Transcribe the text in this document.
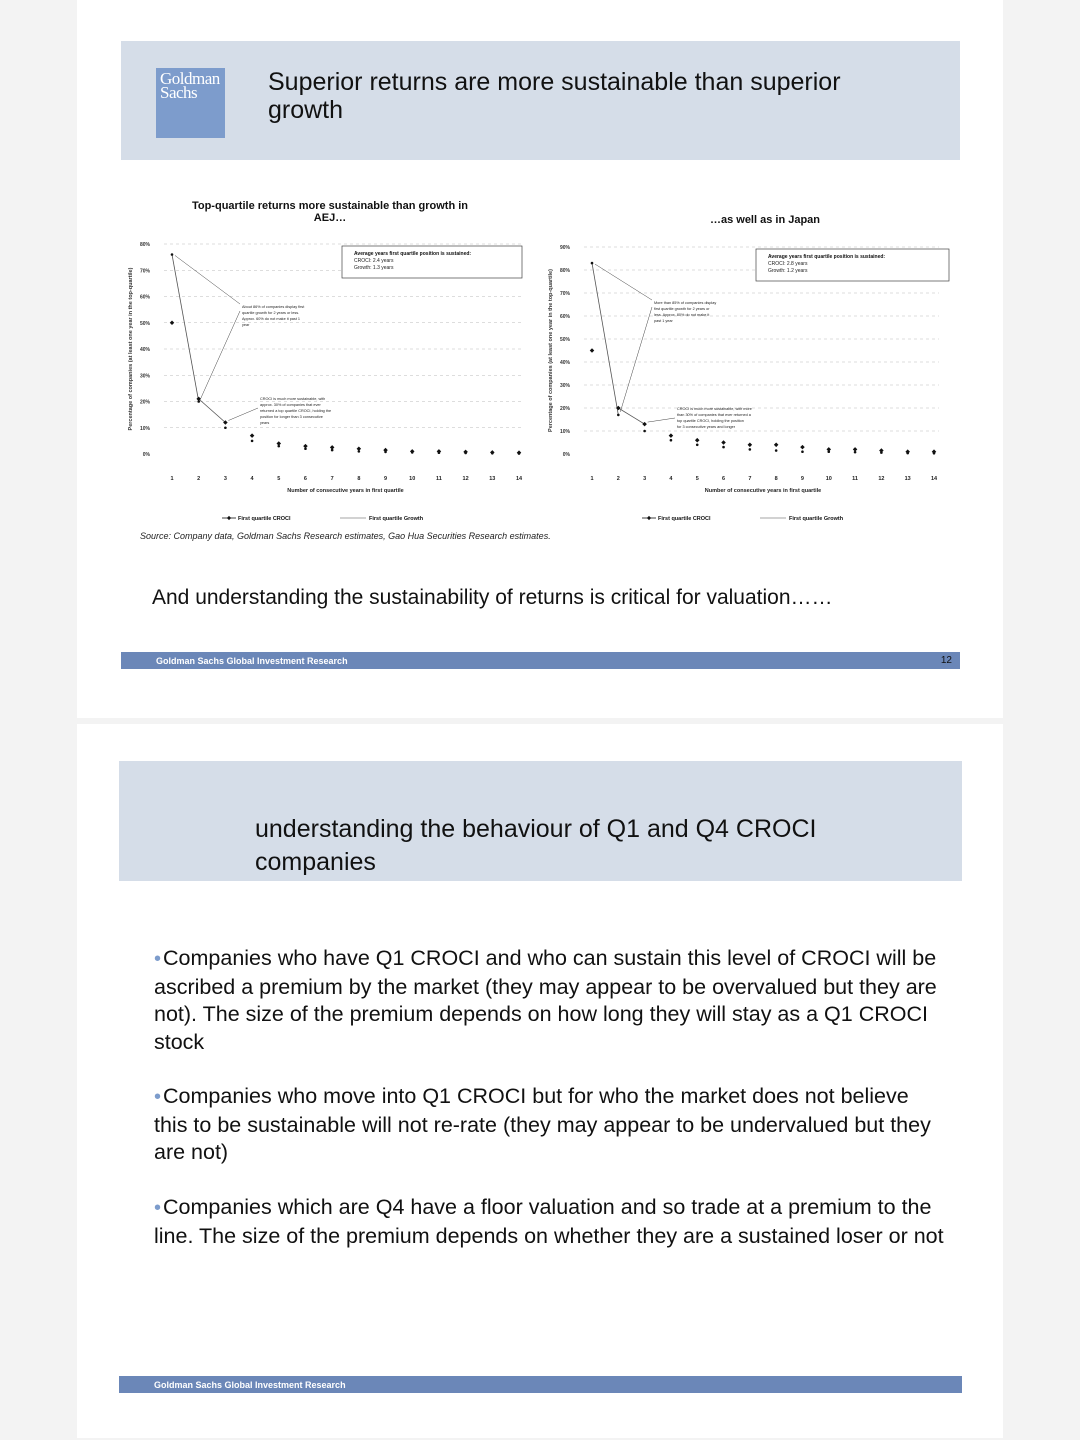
Goldman
Sachs	Superior returns are more sustainable than superior growth
Top-quartile returns more sustainable than growth in AEJ…	…as well as in Japan
0%
10%
20%
30%
40%
50%
60%
70%
80%
Percentage of companies (at least one year in the top-quartile)
1	2	3	4	5	6	7	8	9	10	11	12	13	14
Number of consecutive years in first quartile
Average years first quartile position is sustained:
CROCI: 2.4 years
Growth: 1.3 years
About 86% of companies display first quartile growth for 2 years or less. Approx. 60% do not make it past 1 year
CROCI is much more sustainable, with approx. 30% of companies that ever returned a top quartile CROCI, holding the position for longer than 3 consecutive years
First quartile CROCI	First quartile Growth
0%
10%
20%
30%
40%
50%
60%
70%
80%
90%
Percentage of companies (at least one year in the top-quartile)
1	2	3	4	5	6	7	8	9	10	11	12	13	14
Number of consecutive years in first quartile
Average years first quartile position is sustained:
CROCI: 2.8 years
Growth: 1.2 years
More than 85% of companies display first quartile growth for 2 years or less. Approx. 80% do not make it past 1 year
CROCI is much more sustainable, with more than 30% of companies that ever returned a top quartile CROCI, holding the position for 3 consecutive years and longer
First quartile CROCI	First quartile Growth
Source: Company data, Goldman Sachs Research estimates, Gao Hua Securities Research estimates.
And understanding the sustainability of returns is critical for valuation……
Goldman Sachs Global Investment Research	12
understanding the behaviour of Q1 and Q4 CROCI companies
•Companies who have Q1 CROCI and who can sustain this level of CROCI will be ascribed a premium by the market (they may appear to be overvalued but they are not). The size of the premium depends on how long they will stay as a Q1 CROCI stock
•Companies who move into Q1 CROCI but for who the market does not believe this to be sustainable will not re-rate (they may appear to be undervalued but they are not)
•Companies which are Q4 have a floor valuation and so trade at a premium to the line. The size of the premium depends on whether they are a sustained loser or not
Goldman Sachs Global Investment Research
